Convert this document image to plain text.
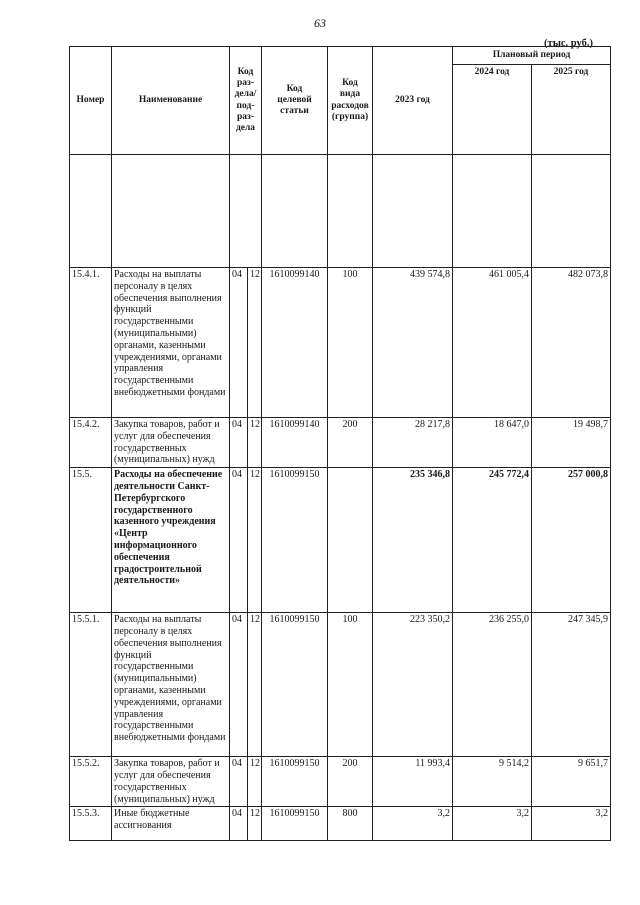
63
(тыс. руб.)
Номер	Наименование	Код раз-
дела/
под-
раз-
дела		Код
целевой
статьи	Код
вида
расходов
(группа)	2023 год	Плановый период	
							2024 год	2025 год

15.4.1.	Расходы на выплаты персоналу в целях обеспечения выполнения функций государственными (муниципальными) органами, казенными учреждениями, органами управления государственными внебюджетными фондами	04	12	1610099140	100	439 574,8	461 005,4	482 073,8
15.4.2.	Закупка товаров, работ и услуг для обеспечения государственных (муниципальных) нужд	04	12	1610099140	200	28 217,8	18 647,0	19 498,7
15.5.	Расходы на обеспечение деятельности Санкт-Петербургского государственного казенного учреждения «Центр информационного обеспечения градостроительной деятельности»	04	12	1610099150		235 346,8	245 772,4	257 000,8
15.5.1.	Расходы на выплаты персоналу в целях обеспечения выполнения функций государственными (муниципальными) органами, казенными учреждениями, органами управления государственными внебюджетными фондами	04	12	1610099150	100	223 350,2	236 255,0	247 345,9
15.5.2.	Закупка товаров, работ и услуг для обеспечения государственных (муниципальных) нужд	04	12	1610099150	200	11 993,4	9 514,2	9 651,7
15.5.3.	Иные бюджетные ассигнования	04	12	1610099150	800	3,2	3,2	3,2
